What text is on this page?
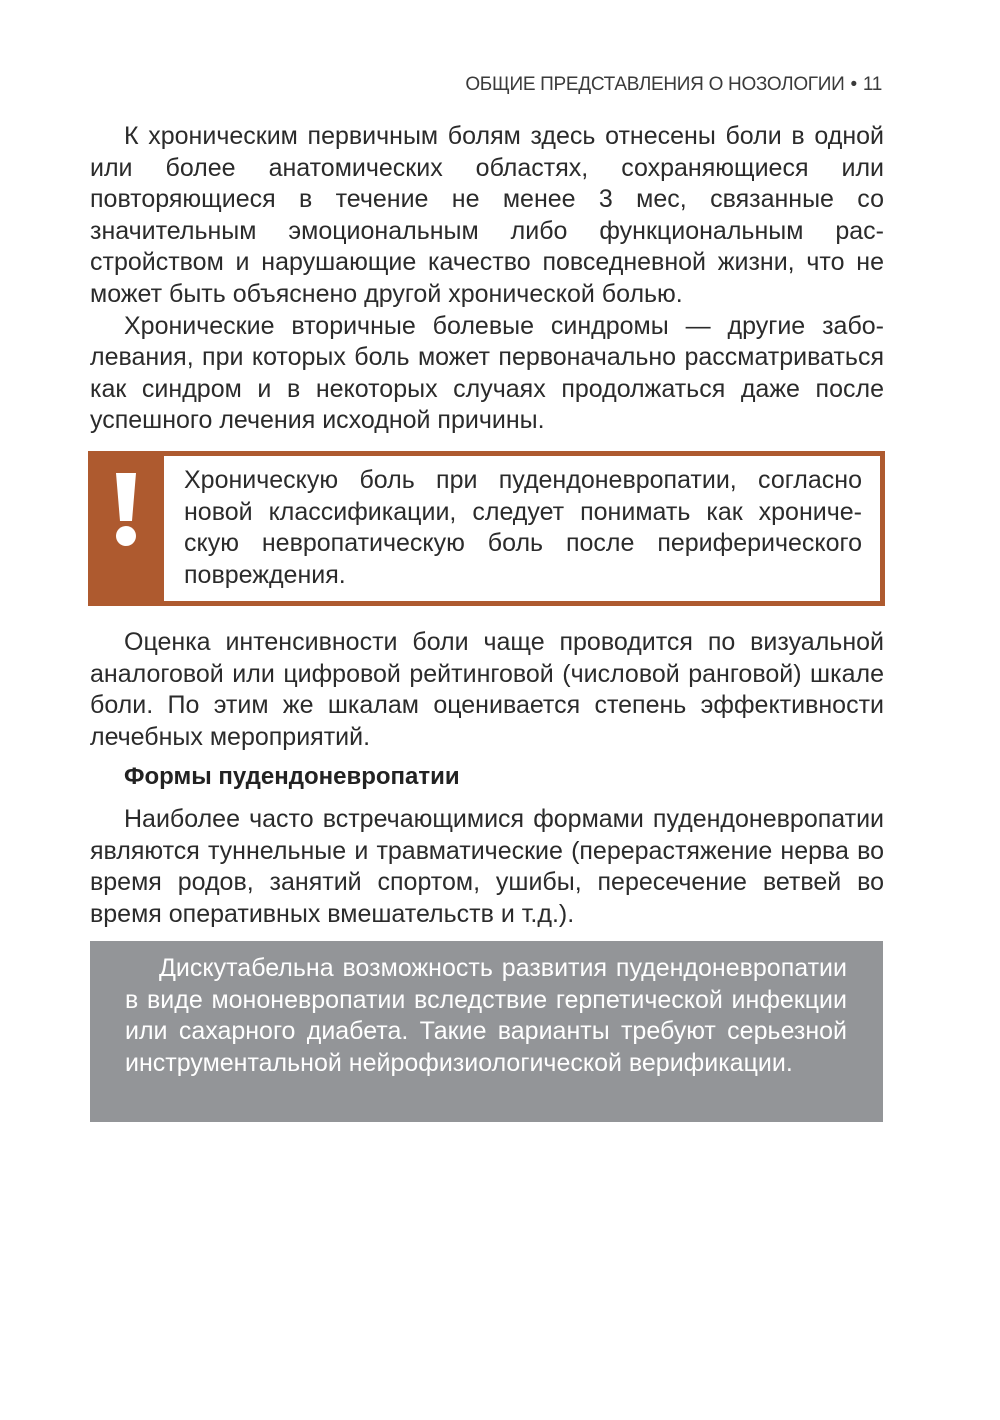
ОБЩИЕ ПРЕДСТАВЛЕНИЯ О НОЗОЛОГИИ • 11

К хроническим первичным болям здесь отнесены боли в одной или более анатомических областях, сохраняющиеся или повторяющиеся в течение не менее 3 мес, связанные со значительным эмоциональным либо функциональным расстройством и нарушающие качество повседневной жизни, что не может быть объяснено другой хронической болью.

Хронические вторичные болевые синдромы — другие заболевания, при которых боль может первоначально рассматриваться как синдром и в некоторых случаях продолжаться даже после успешного лечения исходной причины.

Хроническую боль при пудендоневропатии, согласно новой классификации, следует понимать как хроническую невропатическую боль после периферического повреждения.

Оценка интенсивности боли чаще проводится по визуальной аналоговой или цифровой рейтинговой (числовой ранговой) шкале боли. По этим же шкалам оценивается степень эффективности лечебных мероприятий.

Формы пудендоневропатии

Наиболее часто встречающимися формами пудендоневропатии являются туннельные и травматические (перерастяжение нерва во время родов, занятий спортом, ушибы, пересечение ветвей во время оперативных вмешательств и т.д.).

Дискутабельна возможность развития пудендоневропатии в виде мононевропатии вследствие герпетической инфекции или сахарного диабета. Такие варианты требуют серьезной инструментальной нейрофизиологической верификации.
